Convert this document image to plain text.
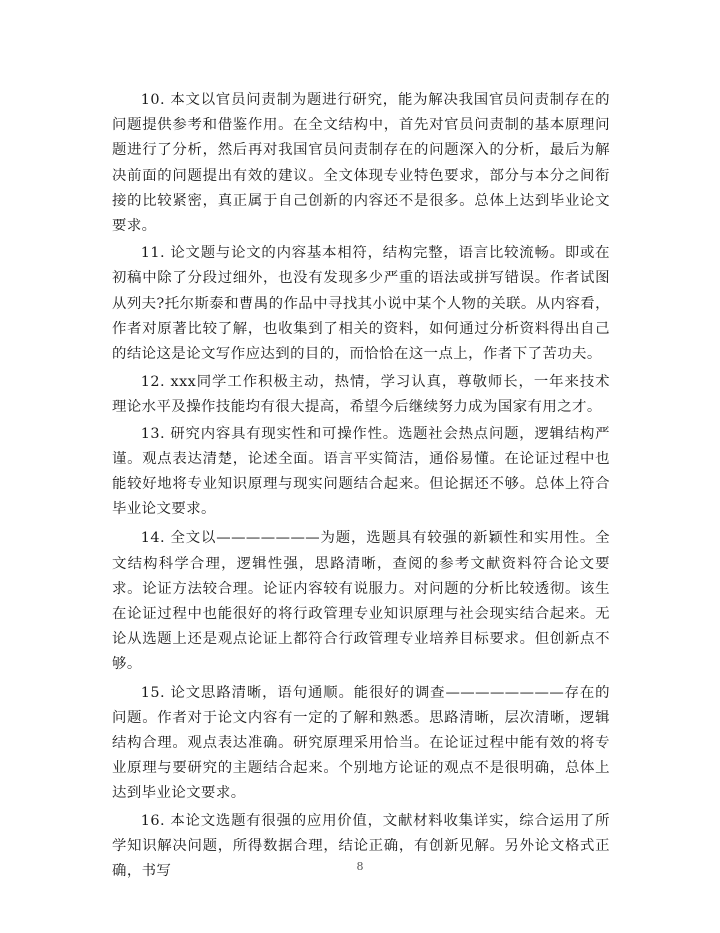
10. 本文以官员问责制为题进行研究，能为解决我国官员问责制存在的问题提供参考和借鉴作用。在全文结构中，首先对官员问责制的基本原理问题进行了分析，然后再对我国官员问责制存在的问题深入的分析，最后为解决前面的问题提出有效的建议。全文体现专业特色要求，部分与本分之间衔接的比较紧密，真正属于自己创新的内容还不是很多。总体上达到毕业论文要求。

11. 论文题与论文的内容基本相符，结构完整，语言比较流畅。即或在初稿中除了分段过细外，也没有发现多少严重的语法或拼写错误。作者试图从列夫?托尔斯泰和曹禺的作品中寻找其小说中某个人物的关联。从内容看，作者对原著比较了解，也收集到了相关的资料，如何通过分析资料得出自己的结论这是论文写作应达到的目的，而恰恰在这一点上，作者下了苦功夫。

12. xxx同学工作积极主动，热情，学习认真，尊敬师长，一年来技术理论水平及操作技能均有很大提高，希望今后继续努力成为国家有用之才。

13. 研究内容具有现实性和可操作性。选题社会热点问题，逻辑结构严谨。观点表达清楚，论述全面。语言平实简洁，通俗易懂。在论证过程中也能较好地将专业知识原理与现实问题结合起来。但论据还不够。总体上符合毕业论文要求。

14. 全文以———————为题，选题具有较强的新颖性和实用性。全文结构科学合理，逻辑性强，思路清晰，查阅的参考文献资料符合论文要求。论证方法较合理。论证内容较有说服力。对问题的分析比较透彻。该生在论证过程中也能很好的将行政管理专业知识原理与社会现实结合起来。无论从选题上还是观点论证上都符合行政管理专业培养目标要求。但创新点不够。

15. 论文思路清晰，语句通顺。能很好的调查————————存在的问题。作者对于论文内容有一定的了解和熟悉。思路清晰，层次清晰，逻辑结构合理。观点表达准确。研究原理采用恰当。在论证过程中能有效的将专业原理与要研究的主题结合起来。个别地方论证的观点不是很明确，总体上达到毕业论文要求。

16. 本论文选题有很强的应用价值，文献材料收集详实，综合运用了所学知识解决问题，所得数据合理，结论正确，有创新见解。另外论文格式正确，书写	8
